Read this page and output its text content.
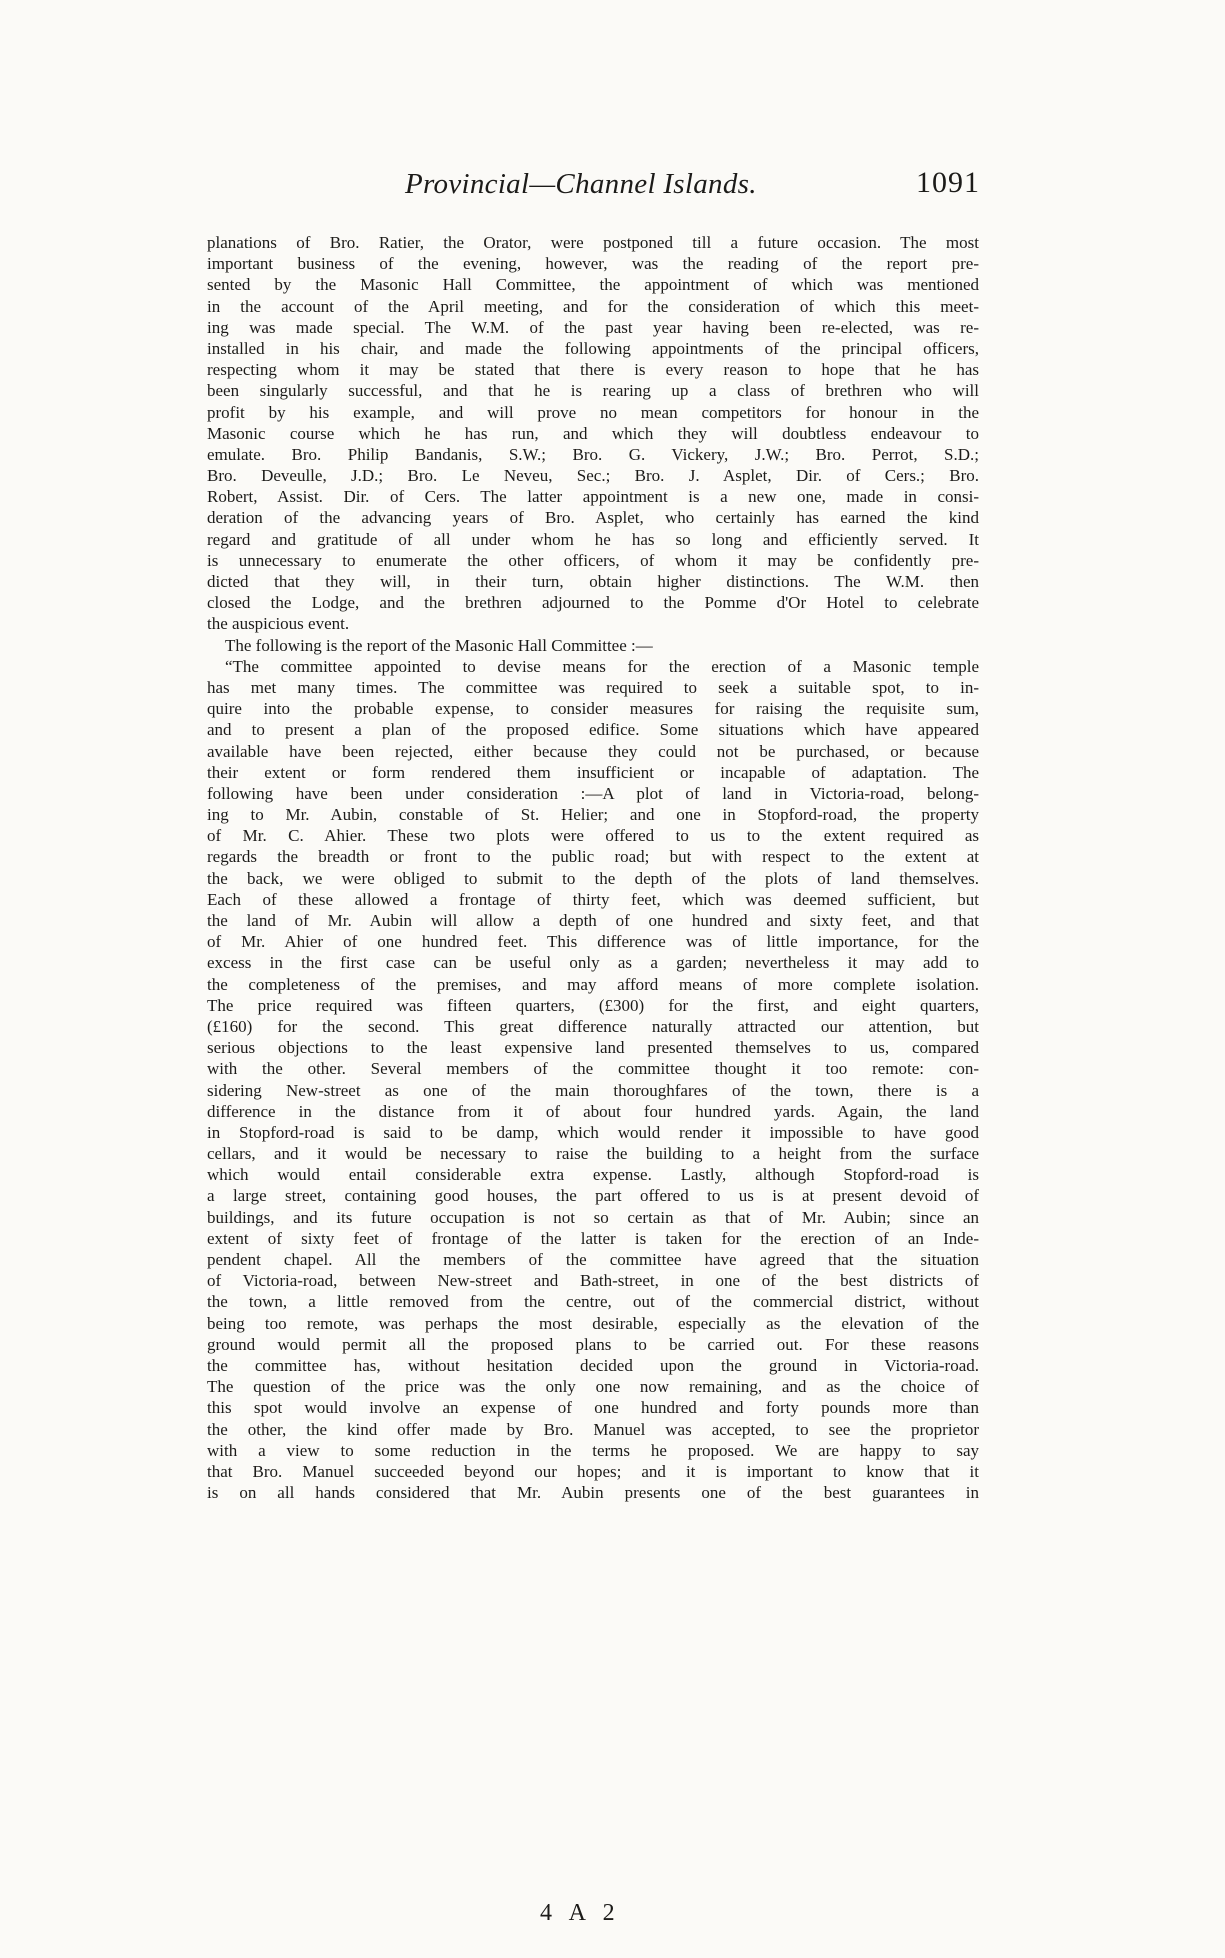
Provincial—Channel Islands.	1091
planations of Bro. Ratier, the Orator, were postponed till a future occasion. The most
important business of the evening, however, was the reading of the report pre-
sented by the Masonic Hall Committee, the appointment of which was mentioned
in the account of the April meeting, and for the consideration of which this meet-
ing was made special. The W.M. of the past year having been re-elected, was re-
installed in his chair, and made the following appointments of the principal officers,
respecting whom it may be stated that there is every reason to hope that he has
been singularly successful, and that he is rearing up a class of brethren who will
profit by his example, and will prove no mean competitors for honour in the
Masonic course which he has run, and which they will doubtless endeavour to
emulate. Bro. Philip Bandanis, S.W.; Bro. G. Vickery, J.W.; Bro. Perrot, S.D.;
Bro. Deveulle, J.D.; Bro. Le Neveu, Sec.; Bro. J. Asplet, Dir. of Cers.; Bro.
Robert, Assist. Dir. of Cers. The latter appointment is a new one, made in consi-
deration of the advancing years of Bro. Asplet, who certainly has earned the kind
regard and gratitude of all under whom he has so long and efficiently served. It
is unnecessary to enumerate the other officers, of whom it may be confidently pre-
dicted that they will, in their turn, obtain higher distinctions. The W.M. then
closed the Lodge, and the brethren adjourned to the Pomme d'Or Hotel to celebrate
the auspicious event.
The following is the report of the Masonic Hall Committee :—
“The committee appointed to devise means for the erection of a Masonic temple
has met many times. The committee was required to seek a suitable spot, to in-
quire into the probable expense, to consider measures for raising the requisite sum,
and to present a plan of the proposed edifice. Some situations which have appeared
available have been rejected, either because they could not be purchased, or because
their extent or form rendered them insufficient or incapable of adaptation. The
following have been under consideration :—A plot of land in Victoria-road, belong-
ing to Mr. Aubin, constable of St. Helier; and one in Stopford-road, the property
of Mr. C. Ahier. These two plots were offered to us to the extent required as
regards the breadth or front to the public road; but with respect to the extent at
the back, we were obliged to submit to the depth of the plots of land themselves.
Each of these allowed a frontage of thirty feet, which was deemed sufficient, but
the land of Mr. Aubin will allow a depth of one hundred and sixty feet, and that
of Mr. Ahier of one hundred feet. This difference was of little importance, for the
excess in the first case can be useful only as a garden; nevertheless it may add to
the completeness of the premises, and may afford means of more complete isolation.
The price required was fifteen quarters, (£300) for the first, and eight quarters,
(£160) for the second. This great difference naturally attracted our attention, but
serious objections to the least expensive land presented themselves to us, compared
with the other. Several members of the committee thought it too remote: con-
sidering New-street as one of the main thoroughfares of the town, there is a
difference in the distance from it of about four hundred yards. Again, the land
in Stopford-road is said to be damp, which would render it impossible to have good
cellars, and it would be necessary to raise the building to a height from the surface
which would entail considerable extra expense. Lastly, although Stopford-road is
a large street, containing good houses, the part offered to us is at present devoid of
buildings, and its future occupation is not so certain as that of Mr. Aubin; since an
extent of sixty feet of frontage of the latter is taken for the erection of an Inde-
pendent chapel. All the members of the committee have agreed that the situation
of Victoria-road, between New-street and Bath-street, in one of the best districts of
the town, a little removed from the centre, out of the commercial district, without
being too remote, was perhaps the most desirable, especially as the elevation of the
ground would permit all the proposed plans to be carried out. For these reasons
the committee has, without hesitation decided upon the ground in Victoria-road.
The question of the price was the only one now remaining, and as the choice of
this spot would involve an expense of one hundred and forty pounds more than
the other, the kind offer made by Bro. Manuel was accepted, to see the proprietor
with a view to some reduction in the terms he proposed. We are happy to say
that Bro. Manuel succeeded beyond our hopes; and it is important to know that it
is on all hands considered that Mr. Aubin presents one of the best guarantees in
4 A 2
